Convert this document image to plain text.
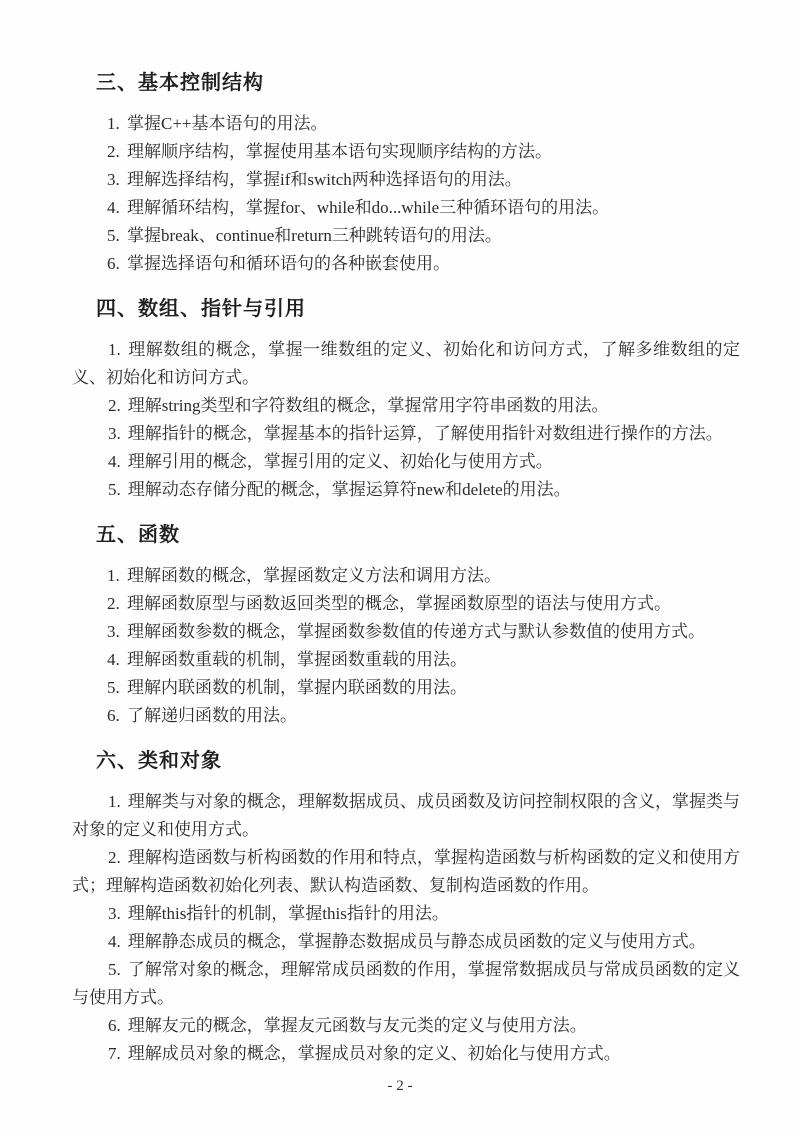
三、基本控制结构
1. 掌握C++基本语句的用法。
2. 理解顺序结构，掌握使用基本语句实现顺序结构的方法。
3. 理解选择结构，掌握if和switch两种选择语句的用法。
4. 理解循环结构，掌握for、while和do...while三种循环语句的用法。
5. 掌握break、continue和return三种跳转语句的用法。
6. 掌握选择语句和循环语句的各种嵌套使用。
四、数组、指针与引用

1. 理解数组的概念，掌握一维数组的定义、初始化和访问方式，了解多维数组的定义、初始化和访问方式。

2. 理解string类型和字符数组的概念，掌握常用字符串函数的用法。

3. 理解指针的概念，掌握基本的指针运算，了解使用指针对数组进行操作的方法。

4. 理解引用的概念，掌握引用的定义、初始化与使用方式。

5. 理解动态存储分配的概念，掌握运算符new和delete的用法。

五、函数
1. 理解函数的概念，掌握函数定义方法和调用方法。
2. 理解函数原型与函数返回类型的概念，掌握函数原型的语法与使用方式。
3. 理解函数参数的概念，掌握函数参数值的传递方式与默认参数值的使用方式。
4. 理解函数重载的机制，掌握函数重载的用法。
5. 理解内联函数的机制，掌握内联函数的用法。
6. 了解递归函数的用法。
六、类和对象

1. 理解类与对象的概念，理解数据成员、成员函数及访问控制权限的含义，掌握类与对象的定义和使用方式。

2. 理解构造函数与析构函数的作用和特点，掌握构造函数与析构函数的定义和使用方式；理解构造函数初始化列表、默认构造函数、复制构造函数的作用。

3. 理解this指针的机制，掌握this指针的用法。

4. 理解静态成员的概念，掌握静态数据成员与静态成员函数的定义与使用方式。

5. 了解常对象的概念，理解常成员函数的作用，掌握常数据成员与常成员函数的定义与使用方式。

6. 理解友元的概念，掌握友元函数与友元类的定义与使用方法。

7. 理解成员对象的概念，掌握成员对象的定义、初始化与使用方式。

- 2 -
